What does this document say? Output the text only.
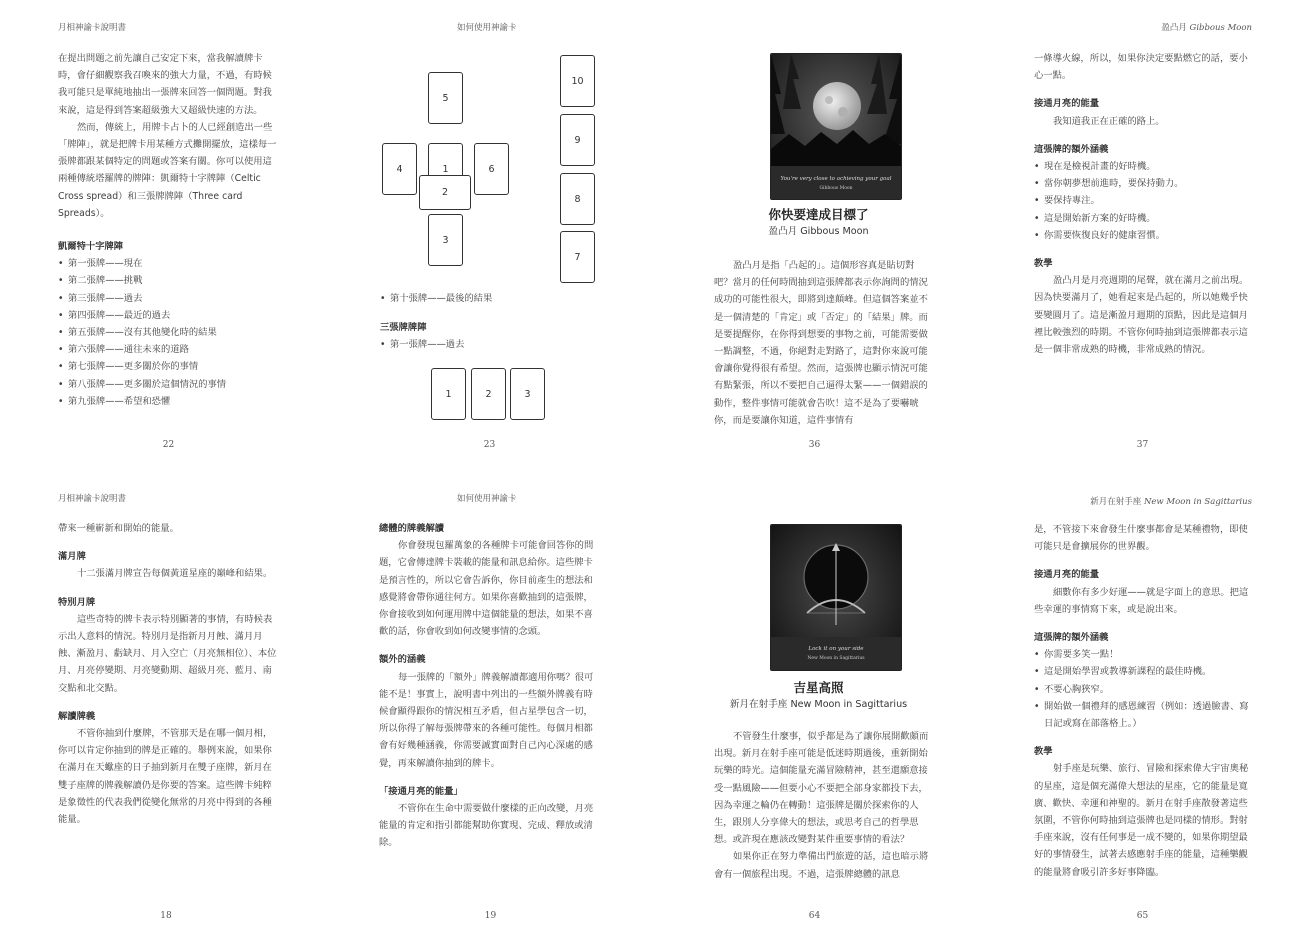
月相神諭卡說明書

在提出問題之前先讓自己安定下來，當我解讀牌卡時，會仔細觀察我召喚來的強大力量，不過，有時候我可能只是單純地抽出一張牌來回答一個問題。對我來說，這是得到答案超級強大又超級快速的方法。

然而，傳統上，用牌卡占卜的人已經創造出一些「牌陣」，就是把牌卡用某種方式攤開擺放，這樣每一張牌都跟某個特定的問題或答案有關。你可以使用這兩種傳統塔羅牌的牌陣：凱爾特十字牌陣（Celtic Cross spread）和三張牌牌陣（Three card Spreads）。

凱爾特十字牌陣

• 第一張牌——現在
• 第二張牌——挑戰
• 第三張牌——過去
• 第四張牌——最近的過去
• 第五張牌——沒有其他變化時的結果
• 第六張牌——通往未來的道路
• 第七張牌——更多關於你的事情
• 第八張牌——更多關於這個情況的事情
• 第九張牌——希望和恐懼
22
如何使用神諭卡
5
4	1	6
2
3
10
9
8
7
• 第十張牌——最後的結果

三張牌牌陣

• 第一張牌——過去
1	2	3
23
You're very close to achieving your goal
Gibbous Moon
你快要達成目標了
盈凸月 Gibbous Moon

盈凸月是指「凸起的」。這個形容真是貼切對吧？當月的任何時間抽到這張牌都表示你詢問的情況成功的可能性很大，即將到達顛峰。但這個答案並不是一個清楚的「肯定」或「否定」的「結果」牌。而是要提醒你，在你得到想要的事物之前，可能需要做一點調整，不過，你絕對走對路了，這對你來說可能會讓你覺得很有希望。然而，這張牌也顯示情況可能有點緊張，所以不要把自己逼得太緊——一個錯誤的動作，整件事情可能就會告吹！這不是為了要嚇唬你，而是要讓你知道，這件事情有

36
盈凸月 Gibbous Moon

一條導火線，所以，如果你決定要點燃它的話，要小心一點。

接通月亮的能量

我知道我正在正確的路上。

這張牌的額外涵義

• 現在是檢視計畫的好時機。
• 當你朝夢想前進時，要保持動力。
• 要保持專注。
• 這是開始新方案的好時機。
• 你需要恢復良好的健康習慣。

教學

盈凸月是月亮週期的尾聲，就在滿月之前出現。因為快要滿月了，她看起來是凸起的，所以她幾乎快要變圓月了。這是漸盈月週期的頂點，因此是這個月裡比較強烈的時期。不管你何時抽到這張牌都表示這是一個非常成熟的時機，非常成熟的情況。

37
月相神諭卡說明書

帶來一種嶄新和開始的能量。

滿月牌

十二張滿月牌宣告每個黃道星座的巔峰和結果。

特別月牌

這些奇特的牌卡表示特別顯著的事情，有時候表示出人意料的情況。特別月是指新月月蝕、滿月月蝕、漸盈月、虧缺月、月入空亡（月亮無相位）、本位月、月亮停變期、月亮變動期、超級月亮、藍月、南交點和北交點。

解讀牌義

不管你抽到什麼牌，不管那天是在哪一個月相，你可以肯定你抽到的牌是正確的。舉例來說，如果你在滿月在天蠍座的日子抽到新月在雙子座牌，新月在雙子座牌的牌義解讀仍是你要的答案。這些牌卡純粹是象徵性的代表我們從變化無常的月亮中得到的各種能量。

18
如何使用神諭卡

總體的牌義解讀

你會發現包羅萬象的各種牌卡可能會回答你的問題，它會傳達牌卡裝載的能量和訊息給你。這些牌卡是預言性的，所以它會告訴你，你目前產生的想法和感覺將會帶你通往何方。如果你喜歡抽到的這張牌，你會接收到如何運用牌中這個能量的想法，如果不喜歡的話，你會收到如何改變事情的念頭。

額外的涵義

每一張牌的「額外」牌義解讀都適用你嗎？很可能不是！事實上，說明書中列出的一些額外牌義有時候會顯得跟你的情況相互矛盾，但占星學包含一切，所以你得了解每張牌帶來的各種可能性。每個月相都會有好幾種涵義，你需要誠實面對自己內心深處的感覺，再來解讀你抽到的牌卡。

「接通月亮的能量」

不管你在生命中需要做什麼樣的正向改變，月亮能量的肯定和指引都能幫助你實現、完成、釋放或清除。

19
Lock it on your side
New Moon in Sagittarius
吉星高照
新月在射手座 New Moon in Sagittarius

不管發生什麼事，似乎都是為了讓你展開歡頗而出現。新月在射手座可能是低迷時期過後，重新開始玩樂的時光。這個能量充滿冒險精神，甚至還願意接受一點風險——但要小心不要把全部身家都投下去，因為幸運之輪仍在轉動！這張牌是關於探索你的人生，跟別人分享偉大的想法，或思考自己的哲學思想。或許現在應該改變對某件重要事情的看法？

如果你正在努力準備出門旅遊的話，這也暗示將會有一個旅程出現。不過，這張牌總體的訊息

64
新月在射手座 New Moon in Sagittarius

是，不管接下來會發生什麼事都會是某種禮物，即使可能只是會擴展你的世界觀。

接通月亮的能量

細數你有多少好運——就是字面上的意思。把這些幸運的事情寫下來，或是說出來。

這張牌的額外涵義

• 你需要多笑一點！
• 這是開始學習或教導新課程的最佳時機。
• 不要心胸狹窄。
• 開始做一個禮拜的感恩練習（例如：透過臉書、寫日記或寫在部落格上。）

教學

射手座是玩樂、旅行、冒險和探索偉大宇宙奧秘的星座，這是個充滿偉大想法的星座，它的能量是寬廣、歡快、幸運和神聖的。新月在射手座散發著這些氛圍，不管你何時抽到這張牌也是同樣的情形。對射手座來說，沒有任何事是一成不變的，如果你期望最好的事情發生，試著去感應射手座的能量，這種樂觀的能量將會吸引許多好事降臨。

65
